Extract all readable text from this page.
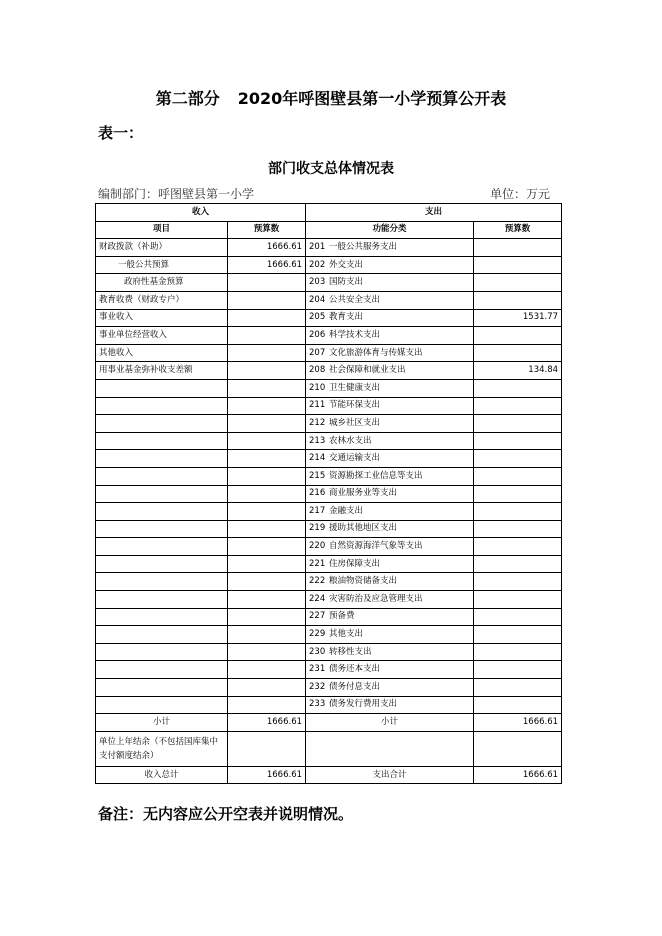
第二部分 2020年呼图壁县第一小学预算公开表
表一：
部门收支总体情况表
编制部门：呼图壁县第一小学	单位：万元
收入		支出	
项目	预算数	功能分类	预算数
财政拨款（补助）	1666.61	201 一般公共服务支出	
一般公共预算	1666.61	202 外交支出	
政府性基金预算		203 国防支出	
教育收费（财政专户）		204 公共安全支出	
事业收入		205 教育支出	1531.77
事业单位经营收入		206 科学技术支出	
其他收入		207 文化旅游体育与传媒支出	
用事业基金弥补收支差额		208 社会保障和就业支出	134.84
		210 卫生健康支出	
		211 节能环保支出	
		212 城乡社区支出	
		213 农林水支出	
		214 交通运输支出	
		215 资源勘探工业信息等支出	
		216 商业服务业等支出	
		217 金融支出	
		219 援助其他地区支出	
		220 自然资源海洋气象等支出	
		221 住房保障支出	
		222 粮油物资储备支出	
		224 灾害防治及应急管理支出	
		227 预备费	
		229 其他支出	
		230 转移性支出	
		231 债务还本支出	
		232 债务付息支出	
		233 债务发行费用支出	
小计	1666.61	小计	1666.61
单位上年结余（不包括国库集中支付额度结余）			
收入总计	1666.61	支出合计	1666.61
备注：无内容应公开空表并说明情况。
